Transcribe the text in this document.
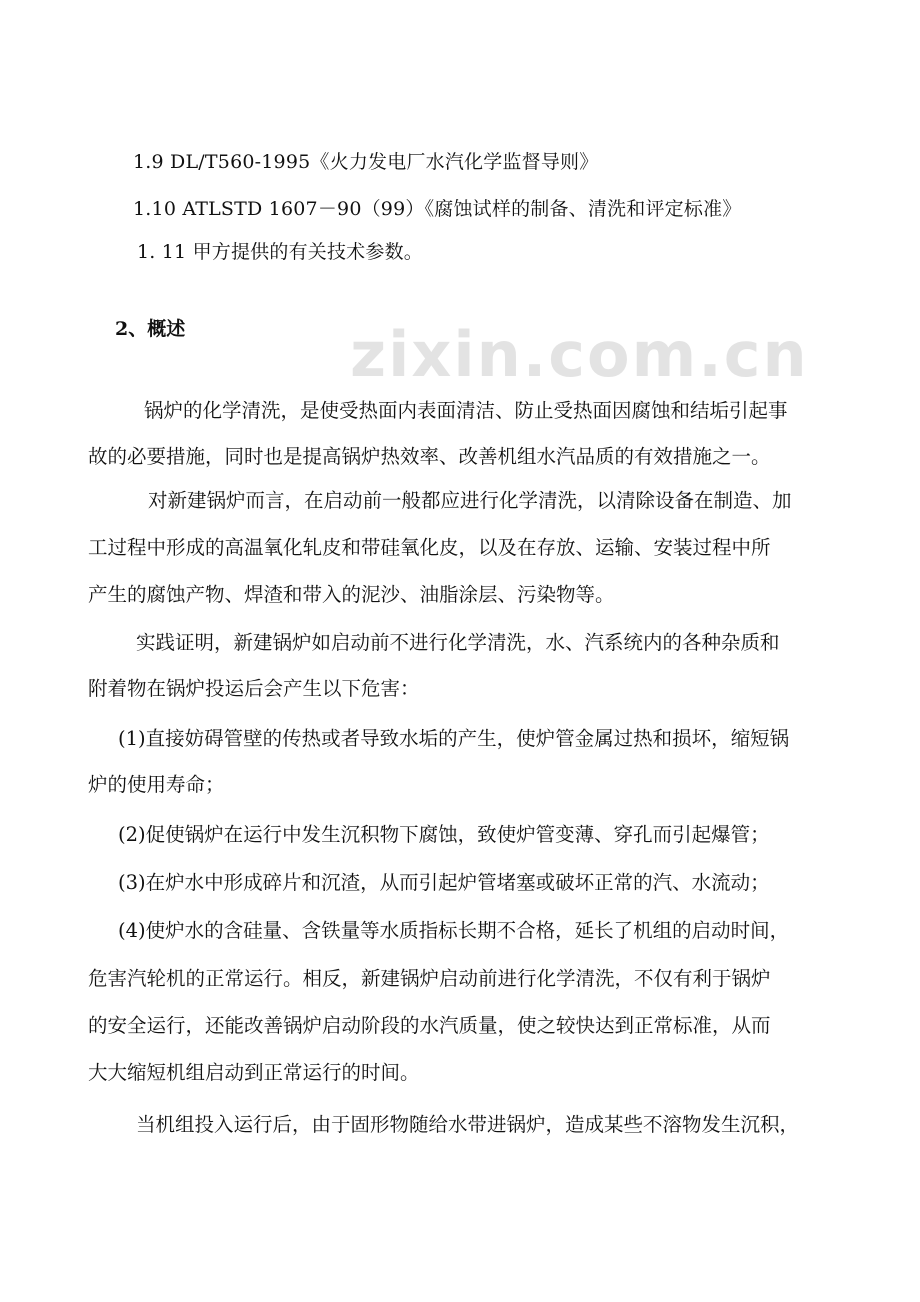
zixin.com.cn
1.9 DL/T560-1995《火力发电厂水汽化学监督导则》
1.10 ATLSTD 1607－90（99）《腐蚀试样的制备、清洗和评定标准》
1. 11 甲方提供的有关技术参数。
2、概述
锅炉的化学清洗，是使受热面内表面清洁、防止受热面因腐蚀和结垢引起事
故的必要措施，同时也是提高锅炉热效率、改善机组水汽品质的有效措施之一。
对新建锅炉而言，在启动前一般都应进行化学清洗，以清除设备在制造、加
工过程中形成的高温氧化轧皮和带硅氧化皮，以及在存放、运输、安装过程中所
产生的腐蚀产物、焊渣和带入的泥沙、油脂涂层、污染物等。
实践证明，新建锅炉如启动前不进行化学清洗，水、汽系统内的各种杂质和
附着物在锅炉投运后会产生以下危害：
(1)直接妨碍管壁的传热或者导致水垢的产生，使炉管金属过热和损坏，缩短锅
炉的使用寿命；
(2)促使锅炉在运行中发生沉积物下腐蚀，致使炉管变薄、穿孔而引起爆管；
(3)在炉水中形成碎片和沉渣，从而引起炉管堵塞或破坏正常的汽、水流动；
(4)使炉水的含硅量、含铁量等水质指标长期不合格，延长了机组的启动时间，
危害汽轮机的正常运行。相反，新建锅炉启动前进行化学清洗，不仅有利于锅炉
的安全运行，还能改善锅炉启动阶段的水汽质量，使之较快达到正常标准，从而
大大缩短机组启动到正常运行的时间。
当机组投入运行后，由于固形物随给水带进锅炉，造成某些不溶物发生沉积，
